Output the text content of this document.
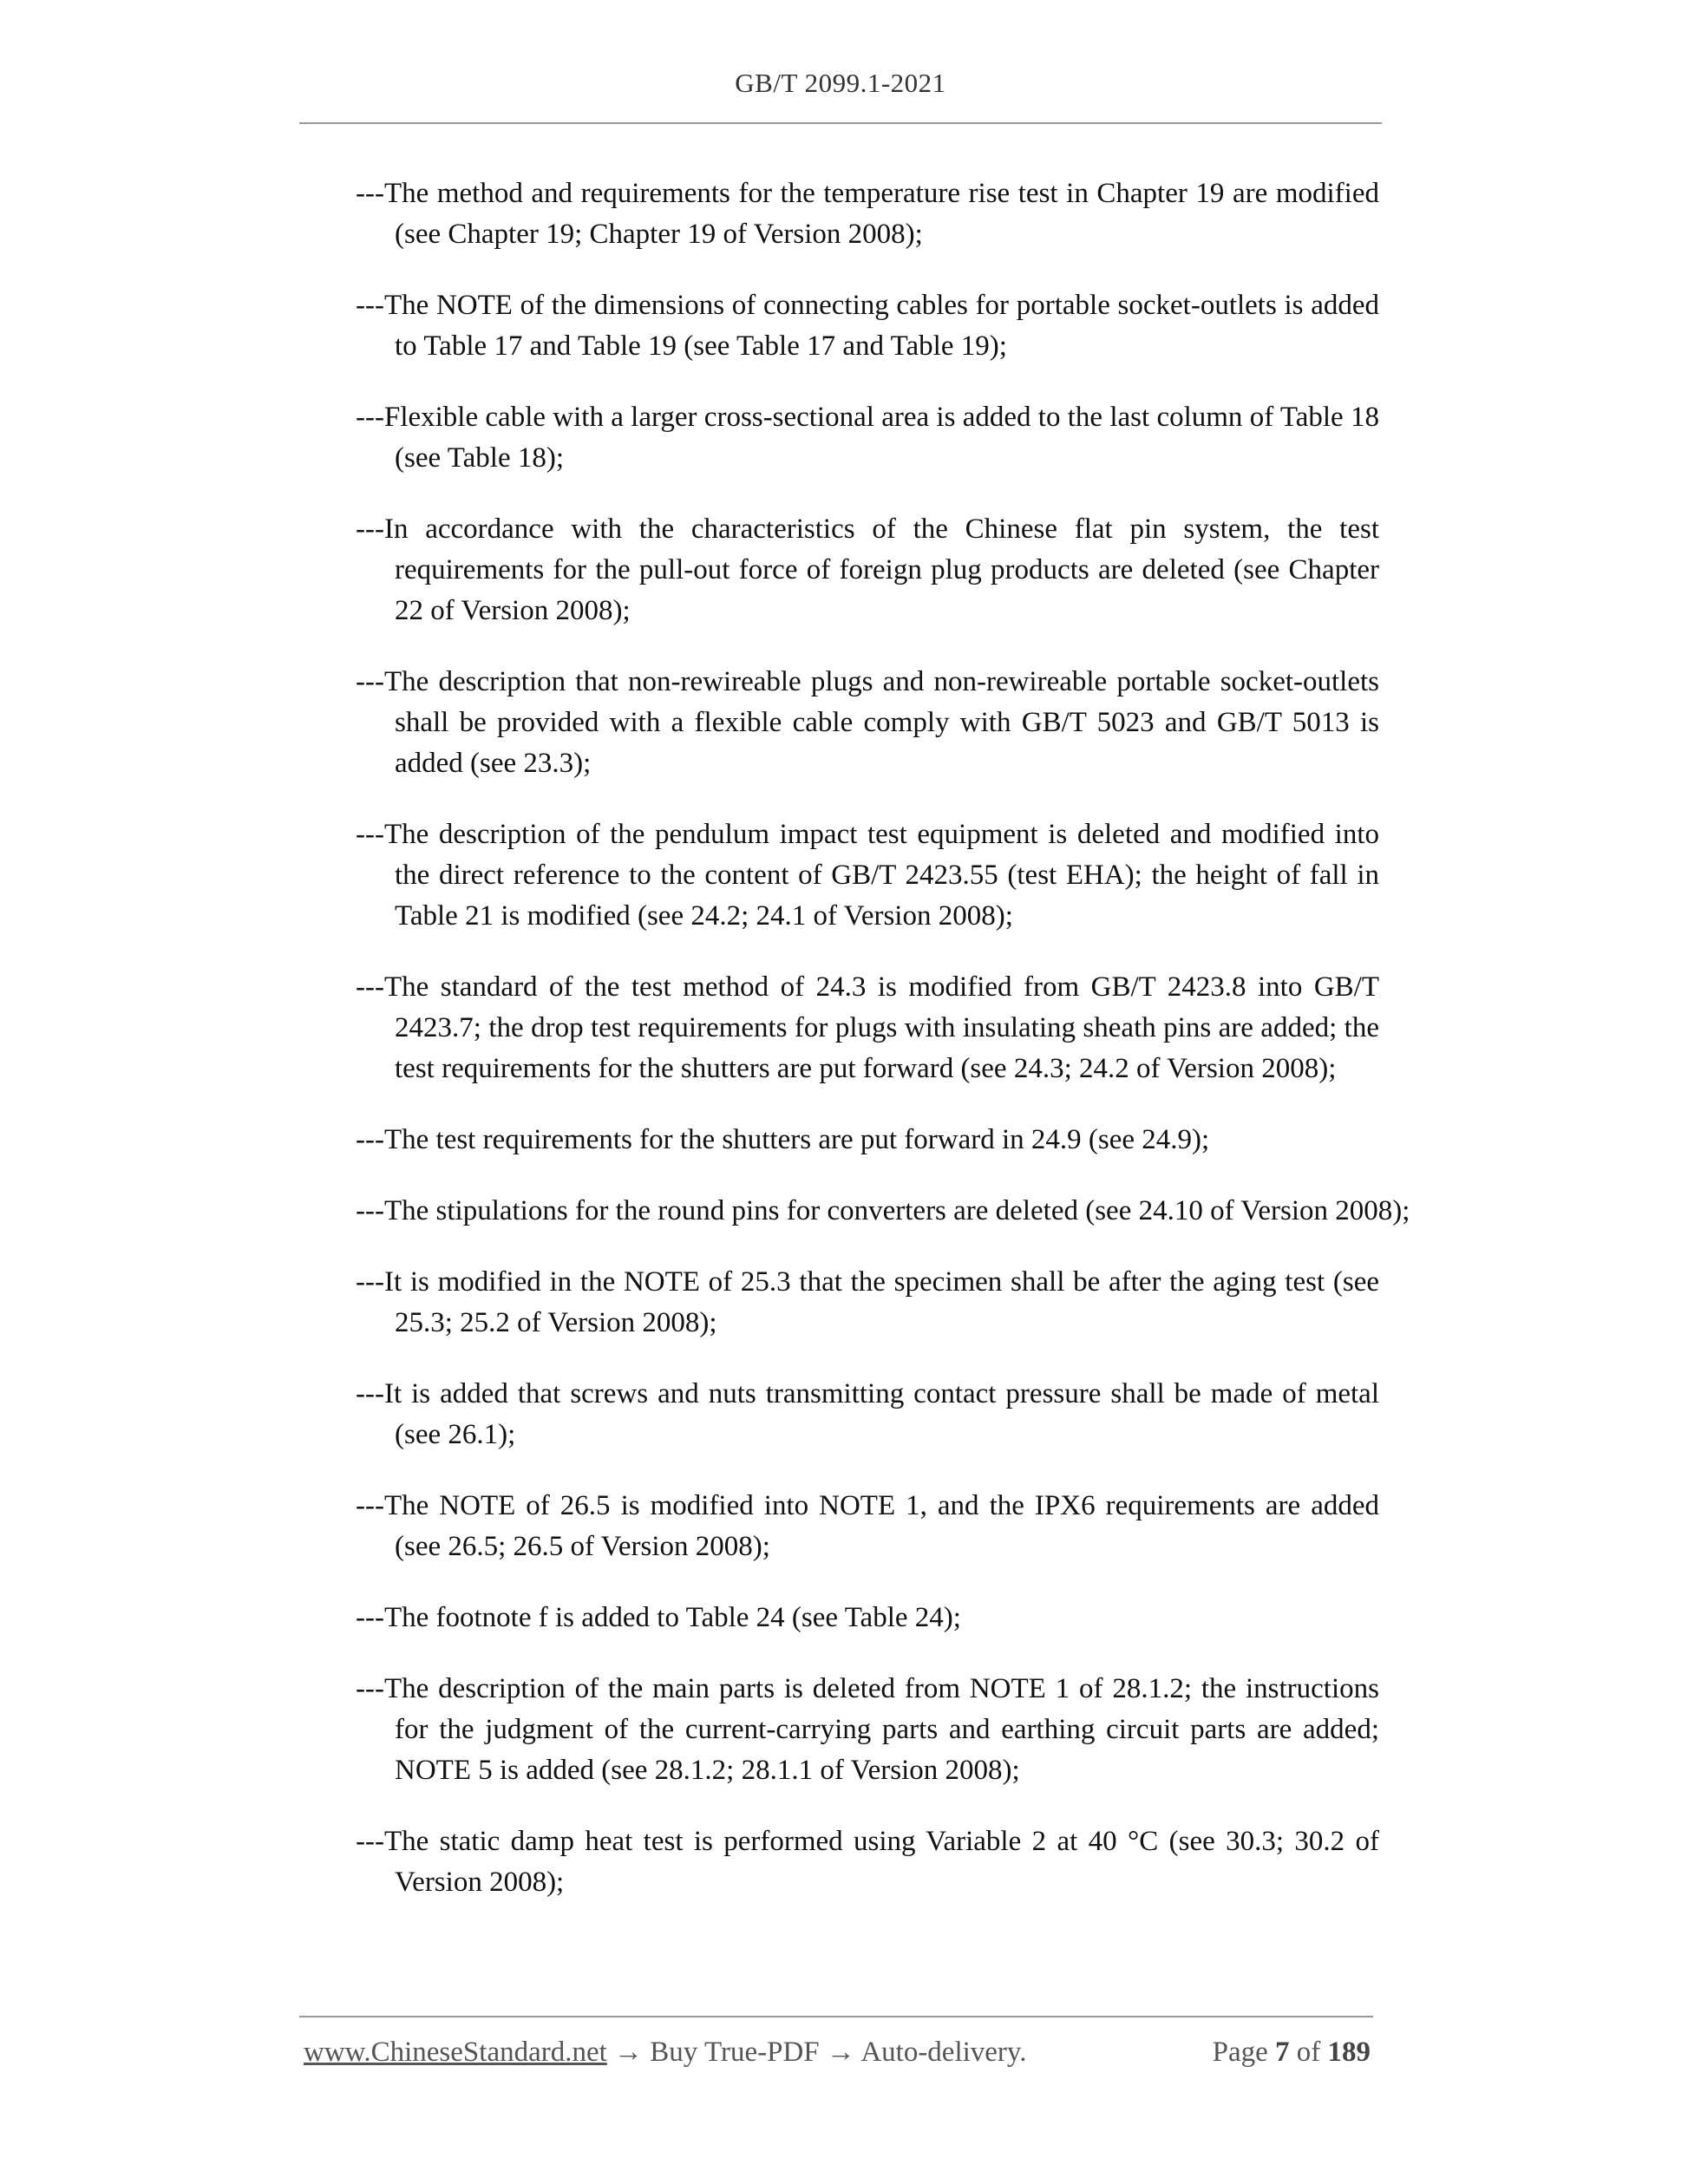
GB/T 2099.1-2021

---The method and requirements for the temperature rise test in Chapter 19 are modified (see Chapter 19; Chapter 19 of Version 2008);

---The NOTE of the dimensions of connecting cables for portable socket-outlets is added to Table 17 and Table 19 (see Table 17 and Table 19);

---Flexible cable with a larger cross-sectional area is added to the last column of Table 18 (see Table 18);

---In accordance with the characteristics of the Chinese flat pin system, the test requirements for the pull-out force of foreign plug products are deleted (see Chapter 22 of Version 2008);

---The description that non-rewireable plugs and non-rewireable portable socket-outlets shall be provided with a flexible cable comply with GB/T 5023 and GB/T 5013 is added (see 23.3);

---The description of the pendulum impact test equipment is deleted and modified into the direct reference to the content of GB/T 2423.55 (test EHA); the height of fall in Table 21 is modified (see 24.2; 24.1 of Version 2008);

---The standard of the test method of 24.3 is modified from GB/T 2423.8 into GB/T 2423.7; the drop test requirements for plugs with insulating sheath pins are added; the test requirements for the shutters are put forward (see 24.3; 24.2 of Version 2008);

---The test requirements for the shutters are put forward in 24.9 (see 24.9);

---The stipulations for the round pins for converters are deleted (see 24.10 of Version 2008);

---It is modified in the NOTE of 25.3 that the specimen shall be after the aging test (see 25.3; 25.2 of Version 2008);

---It is added that screws and nuts transmitting contact pressure shall be made of metal (see 26.1);

---The NOTE of 26.5 is modified into NOTE 1, and the IPX6 requirements are added (see 26.5; 26.5 of Version 2008);

---The footnote f is added to Table 24 (see Table 24);

---The description of the main parts is deleted from NOTE 1 of 28.1.2; the instructions for the judgment of the current-carrying parts and earthing circuit parts are added; NOTE 5 is added (see 28.1.2; 28.1.1 of Version 2008);

---The static damp heat test is performed using Variable 2 at 40 °C (see 30.3; 30.2 of Version 2008);

www.ChineseStandard.net → Buy True-PDF → Auto-delivery.	Page 7 of 189
